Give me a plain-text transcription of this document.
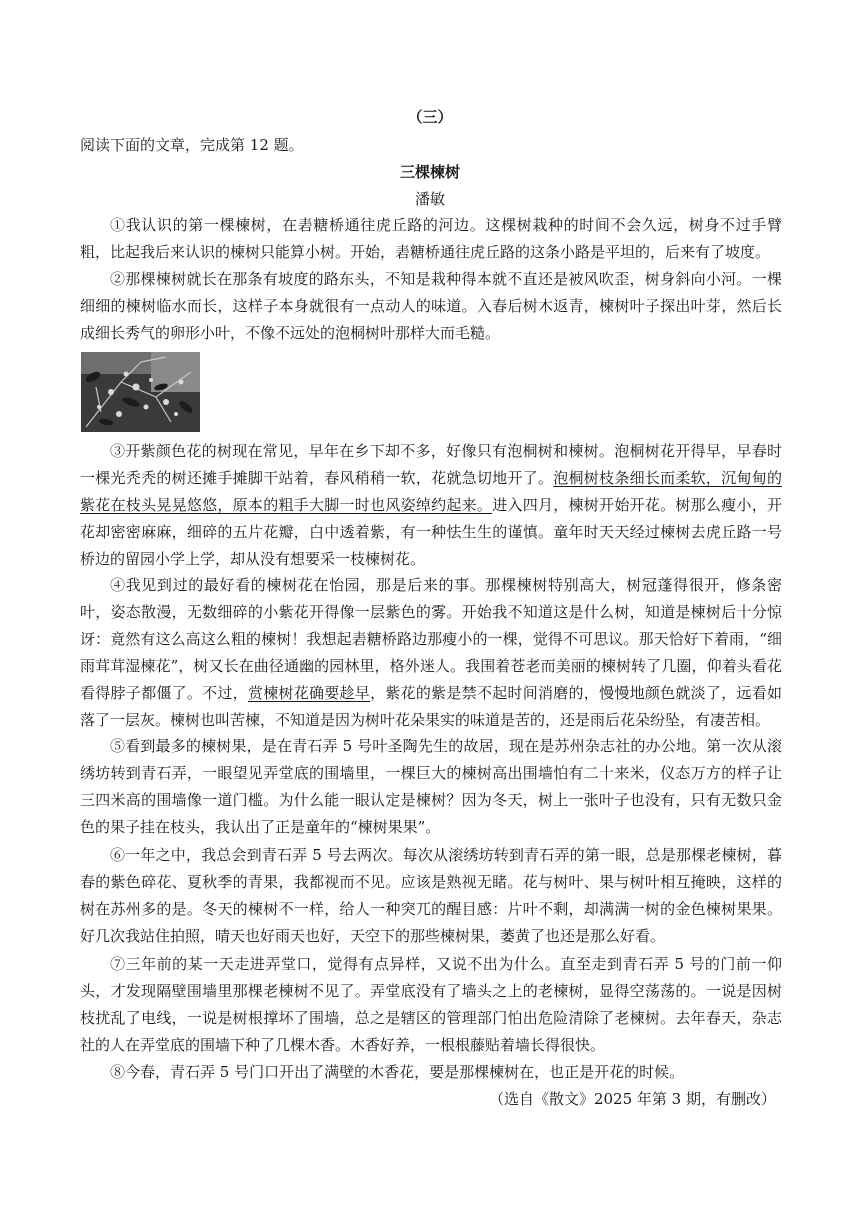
（三）
阅读下面的文章，完成第 12 题。
三棵楝树
潘敏

①我认识的第一棵楝树，在砉糖桥通往虎丘路的河边。这棵树栽种的时间不会久远，树身不过手臂粗，比起我后来认识的楝树只能算小树。开始，砉糖桥通往虎丘路的这条小路是平坦的，后来有了坡度。

②那棵楝树就长在那条有坡度的路东头，不知是栽种得本就不直还是被风吹歪，树身斜向小河。一棵细细的楝树临水而长，这样子本身就很有一点动人的味道。入春后树木返青，楝树叶子探出叶芽，然后长成细长秀气的卵形小叶，不像不远处的泡桐树叶那样大而毛糙。

③开紫颜色花的树现在常见，早年在乡下却不多，好像只有泡桐树和楝树。泡桐树花开得早，早春时一棵光秃秃的树还摊手摊脚干站着，春风稍稍一软，花就急切地开了。泡桐树枝条细长而柔软，沉甸甸的紫花在枝头晃晃悠悠，原本的粗手大脚一时也风姿绰约起来。进入四月，楝树开始开花。树那么瘦小，开花却密密麻麻，细碎的五片花瓣，白中透着紫，有一种怯生生的谨慎。童年时天天经过楝树去虎丘路一号桥边的留园小学上学，却从没有想要采一枝楝树花。

④我见到过的最好看的楝树花在怡园，那是后来的事。那棵楝树特别高大，树冠蓬得很开，修条密叶，姿态散漫，无数细碎的小紫花开得像一层紫色的雾。开始我不知道这是什么树，知道是楝树后十分惊讶：竟然有这么高这么粗的楝树！我想起砉糖桥路边那瘦小的一棵，觉得不可思议。那天恰好下着雨，“细雨茸茸湿楝花”，树又长在曲径通幽的园林里，格外迷人。我围着苍老而美丽的楝树转了几圈，仰着头看花看得脖子都僵了。不过，赏楝树花确要趁早，紫花的紫是禁不起时间消磨的，慢慢地颜色就淡了，远看如落了一层灰。楝树也叫苦楝，不知道是因为树叶花朵果实的味道是苦的，还是雨后花朵纷坠，有凄苦相。

⑤看到最多的楝树果，是在青石弄 5 号叶圣陶先生的故居，现在是苏州杂志社的办公地。第一次从滚绣坊转到青石弄，一眼望见弄堂底的围墙里，一棵巨大的楝树高出围墙怕有二十来米，仪态万方的样子让三四米高的围墙像一道门槛。为什么能一眼认定是楝树？因为冬天，树上一张叶子也没有，只有无数只金色的果子挂在枝头，我认出了正是童年的“楝树果果”。

⑥一年之中，我总会到青石弄 5 号去两次。每次从滚绣坊转到青石弄的第一眼，总是那棵老楝树，暮春的紫色碎花、夏秋季的青果，我都视而不见。应该是熟视无睹。花与树叶、果与树叶相互掩映，这样的树在苏州多的是。冬天的楝树不一样，给人一种突兀的醒目感：片叶不剩，却满满一树的金色楝树果果。好几次我站住拍照，晴天也好雨天也好，天空下的那些楝树果，萎黄了也还是那么好看。

⑦三年前的某一天走进弄堂口，觉得有点异样，又说不出为什么。直至走到青石弄 5 号的门前一仰头，才发现隔壁围墙里那棵老楝树不见了。弄堂底没有了墙头之上的老楝树，显得空荡荡的。一说是因树枝扰乱了电线，一说是树根撑坏了围墙，总之是辖区的管理部门怕出危险清除了老楝树。去年春天，杂志社的人在弄堂底的围墙下种了几棵木香。木香好养，一根根藤贴着墙长得很快。

⑧今春，青石弄 5 号门口开出了满壁的木香花，要是那棵楝树在，也正是开花的时候。

（选自《散文》2025 年第 3 期，有删改）
